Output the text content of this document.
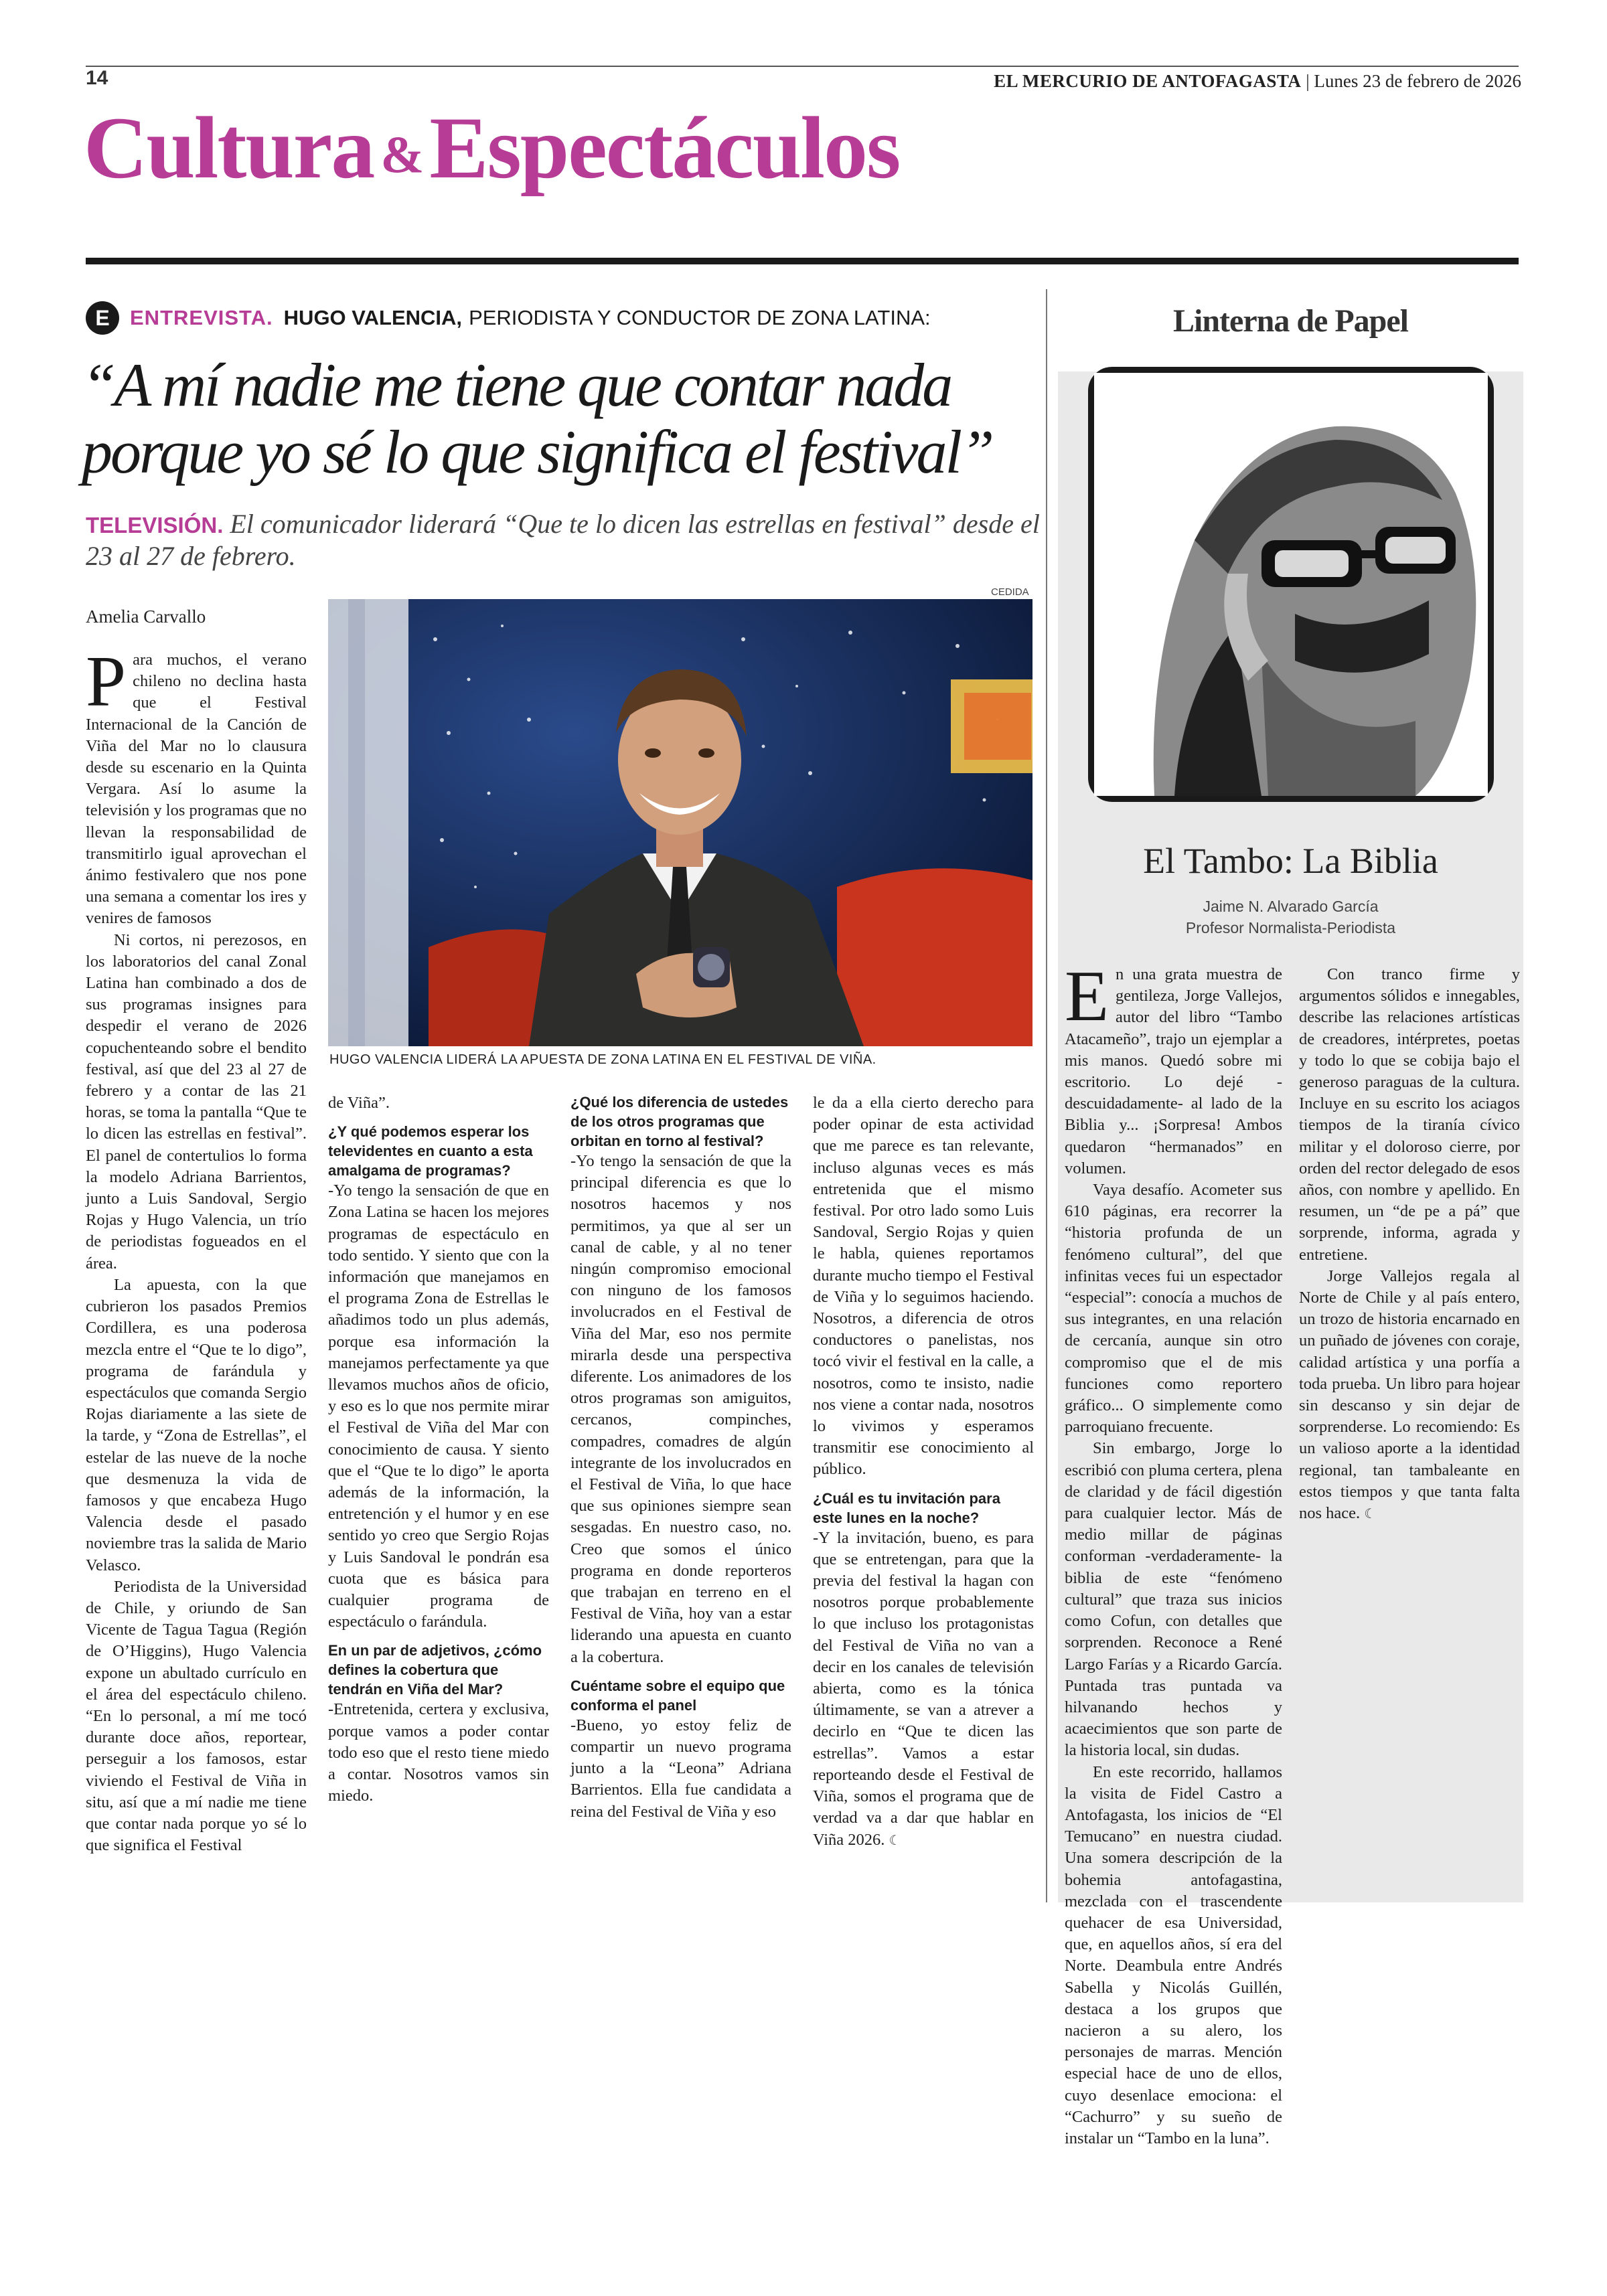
14	EL MERCURIO DE ANTOFAGASTA | Lunes 23 de febrero de 2026
Cultura &Espectáculos
E ENTREVISTA. HUGO VALENCIA, PERIODISTA Y CONDUCTOR DE ZONA LATINA:
“A mí nadie me tiene que contar nada porque yo sé lo que significa el festival”
TELEVISIÓN. El comunicador liderará “Que te lo dicen las estrellas en festival” desde el 23 al 27 de febrero.
Amelia Carvallo
CEDIDA
HUGO VALENCIA LIDERÁ LA APUESTA DE ZONA LATINA EN EL FESTIVAL DE VIÑA.
P ara muchos, el verano chileno no declina hasta que el Festival Internacional de la Canción de Viña del Mar no lo clausura desde su escenario en la Quinta Vergara. Así lo asume la televisión y los programas que no llevan la responsabilidad de transmitirlo igual aprovechan el ánimo festivalero que nos pone una semana a comentar los ires y venires de famosos

Ni cortos, ni perezosos, en los laboratorios del canal Zonal Latina han combinado a dos de sus programas insignes para despedir el verano de 2026 copuchenteando sobre el bendito festival, así que del 23 al 27 de febrero y a contar de las 21 horas, se toma la pantalla “Que te lo dicen las estrellas en festival”. El panel de contertulios lo forma la modelo Adriana Barrientos, junto a Luis Sandoval, Sergio Rojas y Hugo Valencia, un trío de periodistas fogueados en el área.

La apuesta, con la que cubrieron los pasados Premios Cordillera, es una poderosa mezcla entre el “Que te lo digo”, programa de farándula y espectáculos que comanda Sergio Rojas diariamente a las siete de la tarde, y “Zona de Estrellas”, el estelar de las nueve de la noche que desmenuza la vida de famosos y que encabeza Hugo Valencia desde el pasado noviembre tras la salida de Mario Velasco.

Periodista de la Universidad de Chile, y oriundo de San Vicente de Tagua Tagua (Región de O’Higgins), Hugo Valencia expone un abultado currículo en el área del espectáculo chileno. “En lo personal, a mí me tocó durante doce años, reportear, perseguir a los famosos, estar viviendo el Festival de Viña in situ, así que a mí nadie me tiene que contar nada porque yo sé lo que significa el Festival

de Viña”.

¿Y qué podemos esperar los televidentes en cuanto a esta amalgama de programas?

-Yo tengo la sensación de que en Zona Latina se hacen los mejores programas de espectáculo en todo sentido. Y siento que con la información que manejamos en el programa Zona de Estrellas le añadimos todo un plus además, porque esa información la manejamos perfectamente ya que llevamos muchos años de oficio, y eso es lo que nos permite mirar el Festival de Viña del Mar con conocimiento de causa. Y siento que el “Que te lo digo” le aporta además de la información, la entretención y el humor y en ese sentido yo creo que Sergio Rojas y Luis Sandoval le pondrán esa cuota que es básica para cualquier programa de espectáculo o farándula.

En un par de adjetivos, ¿cómo defines la cobertura que tendrán en Viña del Mar?

-Entretenida, certera y exclusiva, porque vamos a poder contar todo eso que el resto tiene miedo a contar. Nosotros vamos sin miedo.

¿Qué los diferencia de ustedes de los otros programas que orbitan en torno al festival?

-Yo tengo la sensación de que la principal diferencia es que lo nosotros hacemos y nos permitimos, ya que al ser un canal de cable, y al no tener ningún compromiso emocional con ninguno de los famosos involucrados en el Festival de Viña del Mar, eso nos permite mirarla desde una perspectiva diferente. Los animadores de los otros programas son amiguitos, cercanos, compinches, compadres, comadres de algún integrante de los involucrados en el Festival de Viña, lo que hace que sus opiniones siempre sean sesgadas. En nuestro caso, no. Creo que somos el único programa en donde reporteros que trabajan en terreno en el Festival de Viña, hoy van a estar liderando una apuesta en cuanto a la cobertura.

Cuéntame sobre el equipo que conforma el panel

-Bueno, yo estoy feliz de compartir un nuevo programa junto a la “Leona” Adriana Barrientos. Ella fue candidata a reina del Festival de Viña y eso

le da a ella cierto derecho para poder opinar de esta actividad que me parece es tan relevante, incluso algunas veces es más entretenida que el mismo festival. Por otro lado somo Luis Sandoval, Sergio Rojas y quien le habla, quienes reportamos durante mucho tiempo el Festival de Viña y lo seguimos haciendo. Nosotros, a diferencia de otros conductores o panelistas, nos tocó vivir el festival en la calle, a nosotros, como te insisto, nadie nos viene a contar nada, nosotros lo vivimos y esperamos transmitir ese conocimiento al público.

¿Cuál es tu invitación para este lunes en la noche?

-Y la invitación, bueno, es para que se entretengan, para que la previa del festival la hagan con nosotros porque probablemente lo que incluso los protagonistas del Festival de Viña no van a decir en los canales de televisión abierta, como es la tónica últimamente, se van a atrever a decirlo en “Que te dicen las estrellas”. Vamos a estar reporteando desde el Festival de Viña, somos el programa que de verdad va a dar que hablar en Viña 2026. ☾

Linterna de Papel
El Tambo: La Biblia
Jaime N. Alvarado García
Profesor Normalista-Periodista
E n una grata muestra de gentileza, Jorge Vallejos, autor del libro “Tambo Atacameño”, trajo un ejemplar a mis manos. Quedó sobre mi escritorio. Lo dejé -descuidadamente- al lado de la Biblia y... ¡Sorpresa! Ambos quedaron “hermanados” en volumen.

Vaya desafío. Acometer sus 610 páginas, era recorrer la “historia profunda de un fenómeno cultural”, del que infinitas veces fui un espectador “especial”: conocía a muchos de sus integrantes, en una relación de cercanía, aunque sin otro compromiso que el de mis funciones como reportero gráfico... O simplemente como parroquiano frecuente.

Sin embargo, Jorge lo escribió con pluma certera, plena de claridad y de fácil digestión para cualquier lector. Más de medio millar de páginas conforman -verdaderamente- la biblia de este “fenómeno cultural” que traza sus inicios como Cofun, con detalles que sorprenden. Reconoce a René Largo Farías y a Ricardo García. Puntada tras puntada va hilvanando hechos y acaecimientos que son parte de la historia local, sin dudas.

En este recorrido, hallamos la visita de Fidel Castro a Antofagasta, los inicios de “El Temucano” en nuestra ciudad. Una somera descripción de la bohemia antofagastina, mezclada con el trascendente quehacer de esa Universidad, que, en aquellos años, sí era del Norte. Deambula entre Andrés Sabella y Nicolás Guillén, destaca a los grupos que nacieron a su alero, los personajes de marras. Mención especial hace de uno de ellos, cuyo desenlace emociona: el “Cachurro” y su sueño de instalar un “Tambo en la luna”.

Con tranco firme y argumentos sólidos e innegables, describe las relaciones artísticas de creadores, intérpretes, poetas y todo lo que se cobija bajo el generoso paraguas de la cultura. Incluye en su escrito los aciagos tiempos de la tiranía cívico militar y el doloroso cierre, por orden del rector delegado de esos años, con nombre y apellido. En resumen, un “de pe a pá” que sorprende, informa, agrada y entretiene.

Jorge Vallejos regala al Norte de Chile y al país entero, un trozo de historia encarnado en un puñado de jóvenes con coraje, calidad artística y una porfía a toda prueba. Un libro para hojear sin descanso y sin dejar de sorprenderse. Lo recomiendo: Es un valioso aporte a la identidad regional, tan tambaleante en estos tiempos y que tanta falta nos hace. ☾
